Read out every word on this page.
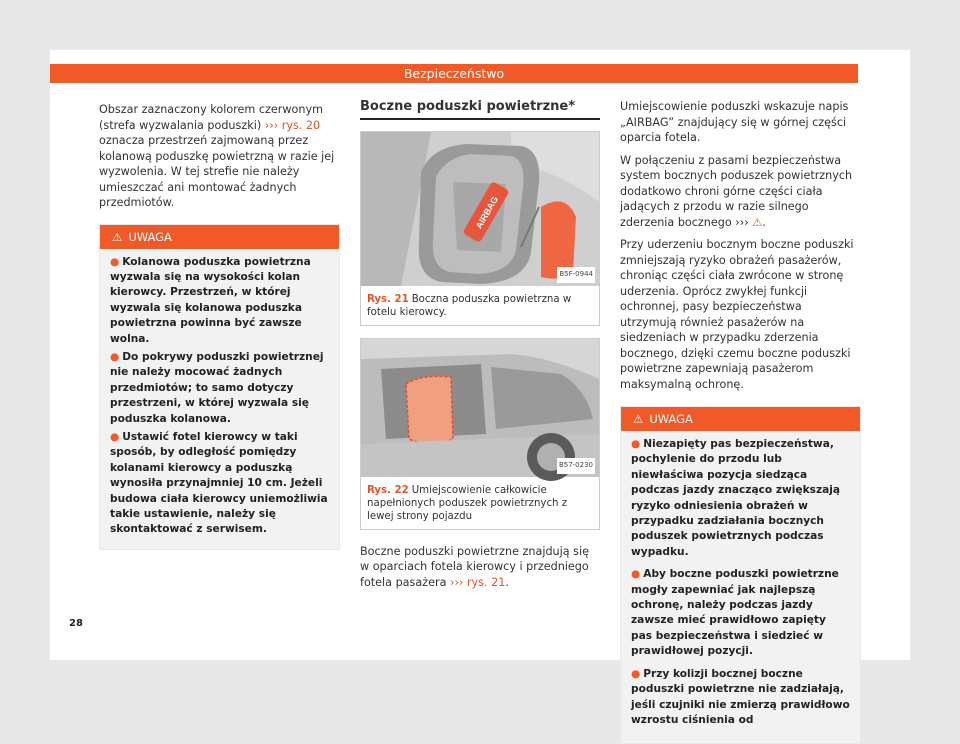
Bezpieczeństwo

Obszar zaznaczony kolorem czerwonym (strefa wyzwalania poduszki) ››› rys. 20 oznacza przestrzeń zajmowaną przez kolanową poduszkę powietrzną w razie jej wyzwolenia. W tej strefie nie należy umieszczać ani montować żadnych przedmiotów.

⚠ UWAGA

● Kolanowa poduszka powietrzna wyzwala się na wysokości kolan kierowcy. Przestrzeń, w której wyzwala się kolanowa poduszka powietrzna powinna być zawsze wolna.

● Do pokrywy poduszki powietrznej nie należy mocować żadnych przedmiotów; to samo dotyczy przestrzeni, w której wyzwala się poduszka kolanowa.

● Ustawić fotel kierowcy w taki sposób, by odległość pomiędzy kolanami kierowcy a poduszką wynosiła przynajmniej 10 cm. Jeżeli budowa ciała kierowcy uniemożliwia takie ustawienie, należy się skontaktować z serwisem.

Boczne poduszki powietrzne*
AIRBAG
B5F-0944
Rys. 21 Boczna poduszka powietrzna w fotelu kierowcy.
B57-0230
Rys. 22 Umiejscowienie całkowicie napełnionych poduszek powietrznych z lewej strony pojazdu

Boczne poduszki powietrzne znajdują się w oparciach fotela kierowcy i przedniego fotela pasażera ››› rys. 21.

Umiejscowienie poduszki wskazuje napis „AIRBAG” znajdujący się w górnej części oparcia fotela.

W połączeniu z pasami bezpieczeństwa system bocznych poduszek powietrznych dodatkowo chroni górne części ciała jadących z przodu w razie silnego zderzenia bocznego ››› ⚠.

Przy uderzeniu bocznym boczne poduszki zmniejszają ryzyko obrażeń pasażerów, chroniąc części ciała zwrócone w stronę uderzenia. Oprócz zwykłej funkcji ochronnej, pasy bezpieczeństwa utrzymują również pasażerów na siedzeniach w przypadku zderzenia bocznego, dzięki czemu boczne poduszki powietrzne zapewniają pasażerom maksymalną ochronę.

⚠ UWAGA

● Niezapięty pas bezpieczeństwa, pochylenie do przodu lub niewłaściwa pozycja siedząca podczas jazdy znacząco zwiększają ryzyko odniesienia obrażeń w przypadku zadziałania bocznych poduszek powietrznych podczas wypadku.

● Aby boczne poduszki powietrzne mogły zapewniać jak najlepszą ochronę, należy podczas jazdy zawsze mieć prawidłowo zapięty pas bezpieczeństwa i siedzieć w prawidłowej pozycji.

● Przy kolizji bocznej boczne poduszki powietrzne nie zadziałają, jeśli czujniki nie zmierzą prawidłowo wzrostu ciśnienia od

28
